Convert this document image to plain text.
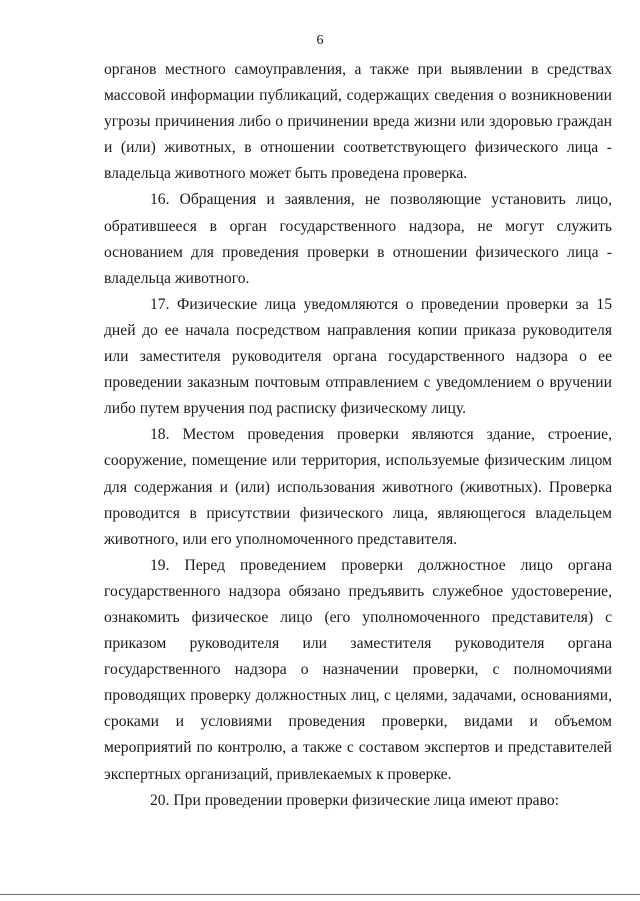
6

органов местного самоуправления, а также при выявлении в средствах массовой информации публикаций, содержащих сведения о возникновении угрозы причинения либо о причинении вреда жизни или здоровью граждан и (или) животных, в отношении соответствующего физического лица - владельца животного может быть проведена проверка.

16. Обращения и заявления, не позволяющие установить лицо, обратившееся в орган государственного надзора, не могут служить основанием для проведения проверки в отношении физического лица - владельца животного.

17. Физические лица уведомляются о проведении проверки за 15 дней до ее начала посредством направления копии приказа руководителя или заместителя руководителя органа государственного надзора о ее проведении заказным почтовым отправлением с уведомлением о вручении либо путем вручения под расписку физическому лицу.

18. Местом проведения проверки являются здание, строение, сооружение, помещение или территория, используемые физическим лицом для содержания и (или) использования животного (животных). Проверка проводится в присутствии физического лица, являющегося владельцем животного, или его уполномоченного представителя.

19. Перед проведением проверки должностное лицо органа государственного надзора обязано предъявить служебное удостоверение, ознакомить физическое лицо (его уполномоченного представителя) с приказом руководителя или заместителя руководителя органа государственного надзора о назначении проверки, с полномочиями проводящих проверку должностных лиц, с целями, задачами, основаниями, сроками и условиями проведения проверки, видами и объемом мероприятий по контролю, а также с составом экспертов и представителей экспертных организаций, привлекаемых к проверке.

20. При проведении проверки физические лица имеют право:
